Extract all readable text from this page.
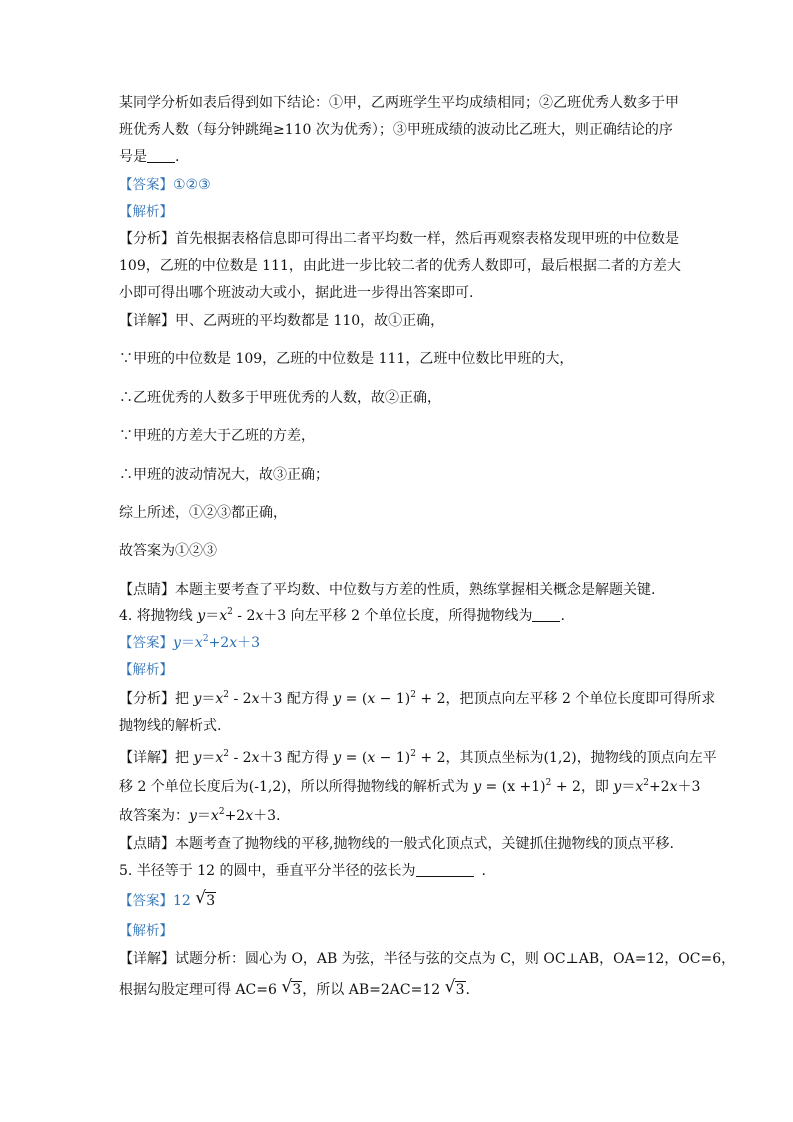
某同学分析如表后得到如下结论：①甲，乙两班学生平均成绩相同；②乙班优秀人数多于甲
班优秀人数（每分钟跳绳≥110 次为优秀）；③甲班成绩的波动比乙班大，则正确结论的序
号是 .
【答案】①②③
【解析】
【分析】首先根据表格信息即可得出二者平均数一样，然后再观察表格发现甲班的中位数是
109，乙班的中位数是 111，由此进一步比较二者的优秀人数即可，最后根据二者的方差大
小即可得出哪个班波动大或小，据此进一步得出答案即可.
【详解】甲、乙两班的平均数都是 110，故①正确，
∵甲班的中位数是 109，乙班的中位数是 111，乙班中位数比甲班的大，
∴乙班优秀的人数多于甲班优秀的人数，故②正确，
∵甲班的方差大于乙班的方差，
∴甲班的波动情况大，故③正确；
综上所述，①②③都正确，
故答案为①②③
【点睛】本题主要考查了平均数、中位数与方差的性质，熟练掌握相关概念是解题关键.
4. 将抛物线 $y=x^2 - 2x+3$ 向左平移 2 个单位长度，所得抛物线为 .
【答案】$y=x^2+2x+3$
【解析】
【分析】把 $y=x^2 - 2x+3$ 配方得 $y = (x - 1)^2 + 2$，把顶点向左平移 2 个单位长度即可得所求
抛物线的解析式.
【详解】把 $y=x^2 - 2x+3$ 配方得 $y = (x - 1)^2 + 2$，其顶点坐标为(1,2)，抛物线的顶点向左平
移 2 个单位长度后为(-1,2)，所以所得抛物线的解析式为 $y = (x +1)^2 + 2$，即 $y=x^2+2x+3$
故答案为：$y=x^2+2x+3$.
【点睛】本题考查了抛物线的平移,抛物线的一般式化顶点式，关键抓住抛物线的顶点平移.
5. 半径等于 12 的圆中，垂直平分半径的弦长为	.
【答案】12 √ 3
【解析】
【详解】试题分析：圆心为 O，AB 为弦，半径与弦的交点为 C，则 OC⊥AB，OA=12，OC=6，
根据勾股定理可得 AC=6 √ 3，所以 AB=2AC=12 √ 3.
